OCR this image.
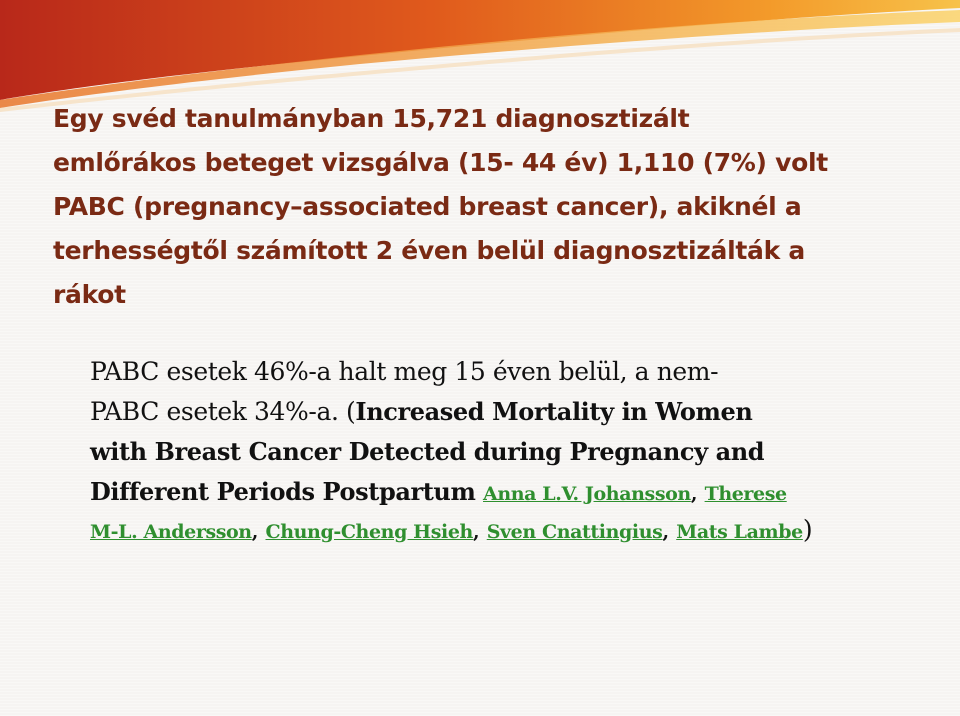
Egy svéd tanulmányban 15,721 diagnosztizált
emlőrákos beteget vizsgálva (15- 44 év) 1,110 (7%) volt
PABC (pregnancy–associated breast cancer), akiknél a
terhességtől számított 2 éven belül diagnosztizálták a
rákot
PABC esetek 46%-a halt meg 15 éven belül, a nem-
PABC esetek 34%-a. (Increased Mortality in Women
with Breast Cancer Detected during Pregnancy and
Different Periods Postpartum Anna L.V. Johansson, Therese
M-L. Andersson, Chung-Cheng Hsieh, Sven Cnattingius, Mats Lambe)
